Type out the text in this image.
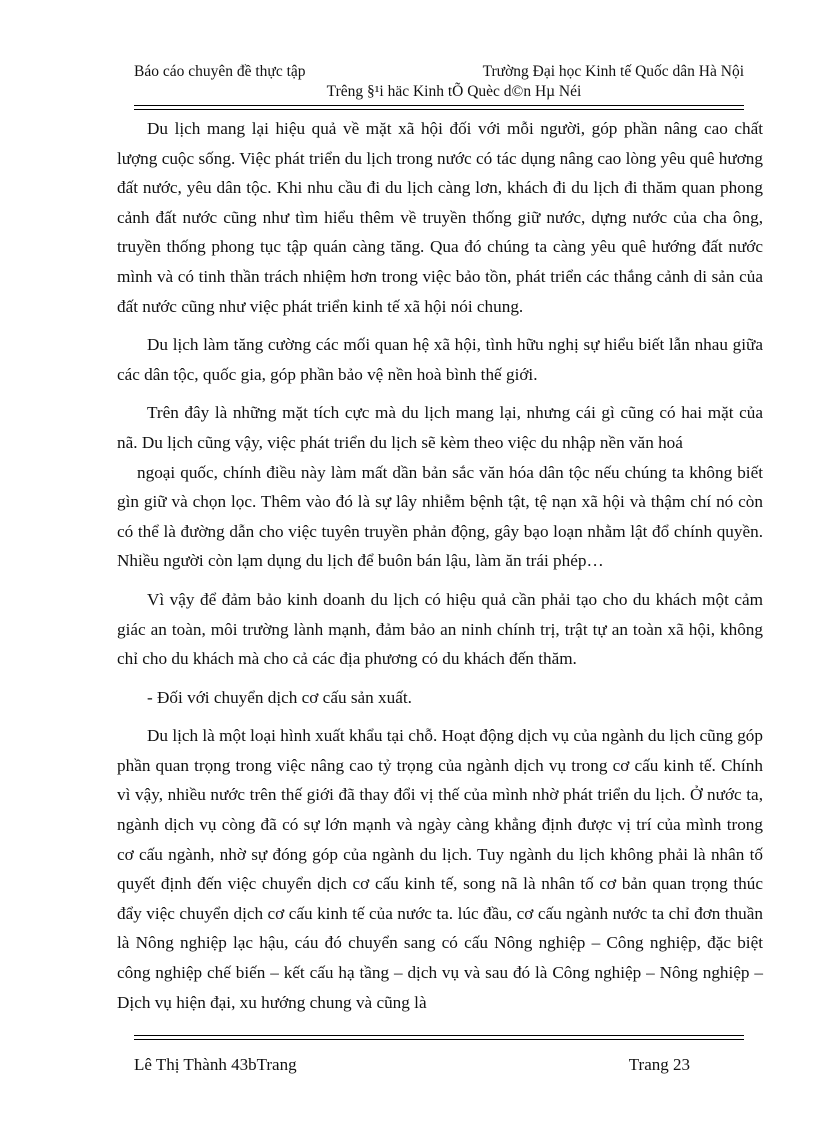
Báo cáo chuyên đề thực tập	Trường Đại học Kinh tế Quốc dân Hà Nội
Trêng §¹i häc Kinh tÕ Quèc d©n Hµ Néi

Du lịch mang lại hiệu quả về mặt xã hội đối với mỗi người, góp phần nâng cao chất lượng cuộc sống. Việc phát triển du lịch trong nước có tác dụng nâng cao lòng yêu quê hương đất nước, yêu dân tộc. Khi nhu cầu đi du lịch càng lơn, khách đi du lịch đi thăm quan phong cảnh đất nước cũng như tìm hiểu thêm về truyền thống giữ nước, dựng nước của cha ông, truyền thống phong tục tập quán càng tăng. Qua đó chúng ta càng yêu quê hướng đất nước mình và có tinh thần trách nhiệm hơn trong việc bảo tồn, phát triển các thắng cảnh di sản của đất nước cũng như việc phát triển kinh tế xã hội nói chung.

Du lịch làm tăng cường các mối quan hệ xã hội, tình hữu nghị sự hiểu biết lẫn nhau giữa các dân tộc, quốc gia, góp phần bảo vệ nền hoà bình thế giới.

Trên đây là những mặt tích cực mà du lịch mang lại, nhưng cái gì cũng có hai mặt của nã. Du lịch cũng vậy, việc phát triển du lịch sẽ kèm theo việc du nhập nền văn hoá

ngoại quốc, chính điều này làm mất dần bản sắc văn hóa dân tộc nếu chúng ta không biết gìn giữ và chọn lọc. Thêm vào đó là sự lây nhiễm bệnh tật, tệ nạn xã hội và thậm chí nó còn có thể là đường dẫn cho việc tuyên truyền phản động, gây bạo loạn nhằm lật đổ chính quyền. Nhiều người còn lạm dụng du lịch để buôn bán lậu, làm ăn trái phép…

Vì vậy để đảm bảo kinh doanh du lịch có hiệu quả cần phải tạo cho du khách một cảm giác an toàn, môi trường lành mạnh, đảm bảo an ninh chính trị, trật tự an toàn xã hội, không chỉ cho du khách mà cho cả các địa phương có du khách đến thăm.

- Đối với chuyển dịch cơ cấu sản xuất.

Du lịch là một loại hình xuất khẩu tại chỗ. Hoạt động dịch vụ của ngành du lịch cũng góp phần quan trọng trong việc nâng cao tỷ trọng của ngành dịch vụ trong cơ cấu kinh tế. Chính vì vậy, nhiều nước trên thế giới đã thay đổi vị thế của mình nhờ phát triển du lịch. Ở nước ta, ngành dịch vụ còng đã có sự lớn mạnh và ngày càng khẳng định được vị trí của mình trong cơ cấu ngành, nhờ sự đóng góp của ngành du lịch. Tuy ngành du lịch không phải là nhân tố quyết định đến việc chuyển dịch cơ cấu kinh tế, song nã là nhân tố cơ bản quan trọng thúc đẩy việc chuyển dịch cơ cấu kinh tế của nước ta. lúc đầu, cơ cấu ngành nước ta chỉ đơn thuần là Nông nghiệp lạc hậu, cáu đó chuyển sang có cấu Nông nghiệp – Công nghiệp, đặc biệt công nghiệp chế biến – kết cấu hạ tầng – dịch vụ và sau đó là Công nghiệp – Nông nghiệp – Dịch vụ hiện đại, xu hướng chung và cũng là

Lê Thị Thành 43bTrang	Trang 23
